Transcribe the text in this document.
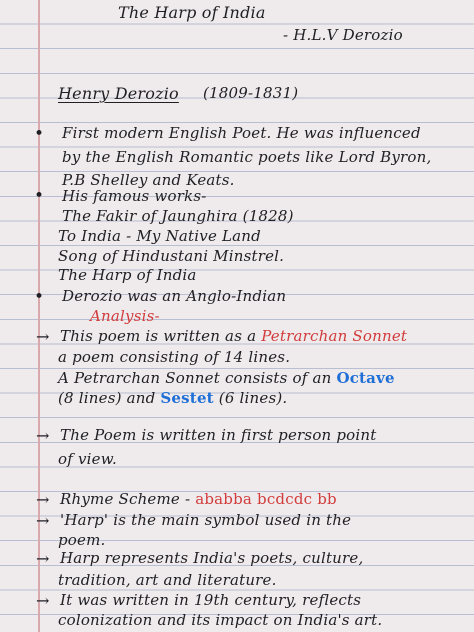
The Harp of India
- H.L.V Derozio
Henry Derozio (1809-1831)
• First modern English Poet. He was influenced
by the English Romantic poets like Lord Byron,
P.B Shelley and Keats.
• His famous works-
The Fakir of Jaunghira (1828)
To India - My Native Land
Song of Hindustani Minstrel.
The Harp of India
• Derozio was an Anglo-Indian
Analysis-
→ This poem is written as a Petrarchan Sonnet
a poem consisting of 14 lines.
A Petrarchan Sonnet consists of an Octave
(8 lines) and Sestet (6 lines).
→ The Poem is written in first person point
of view.
→ Rhyme Scheme - ababba bcdcdc bb
→ 'Harp' is the main symbol used in the
poem.
→ Harp represents India's poets, culture,
tradition, art and literature.
→ It was written in 19th century, reflects
colonization and its impact on India's art.
